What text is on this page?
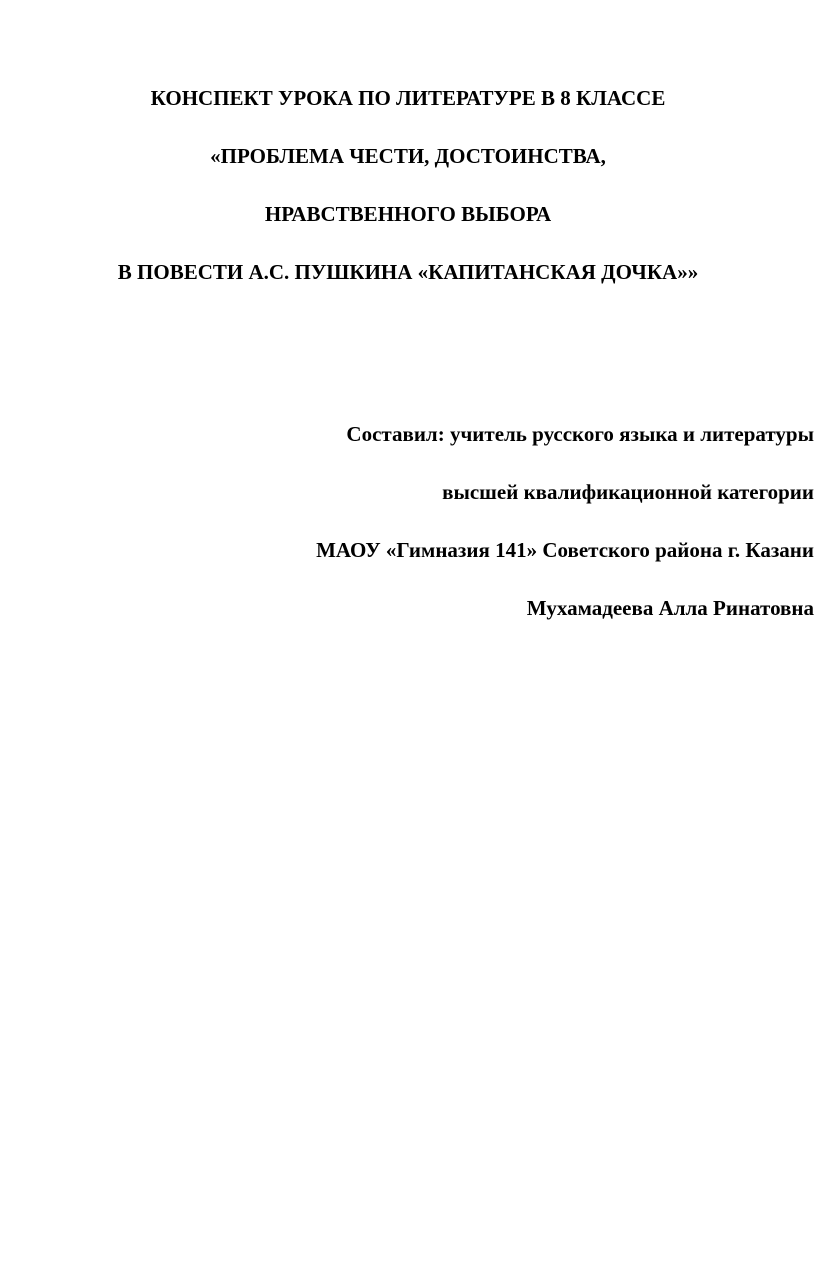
КОНСПЕКТ УРОКА ПО ЛИТЕРАТУРЕ В 8 КЛАССЕ
«ПРОБЛЕМА ЧЕСТИ, ДОСТОИНСТВА,
НРАВСТВЕННОГО ВЫБОРА
В ПОВЕСТИ А.С. ПУШКИНА «КАПИТАНСКАЯ ДОЧКА»»
Составил: учитель русского языка и литературы
высшей квалификационной категории
МАОУ «Гимназия 141» Советского района г. Казани
Мухамадеева Алла Ринатовна
